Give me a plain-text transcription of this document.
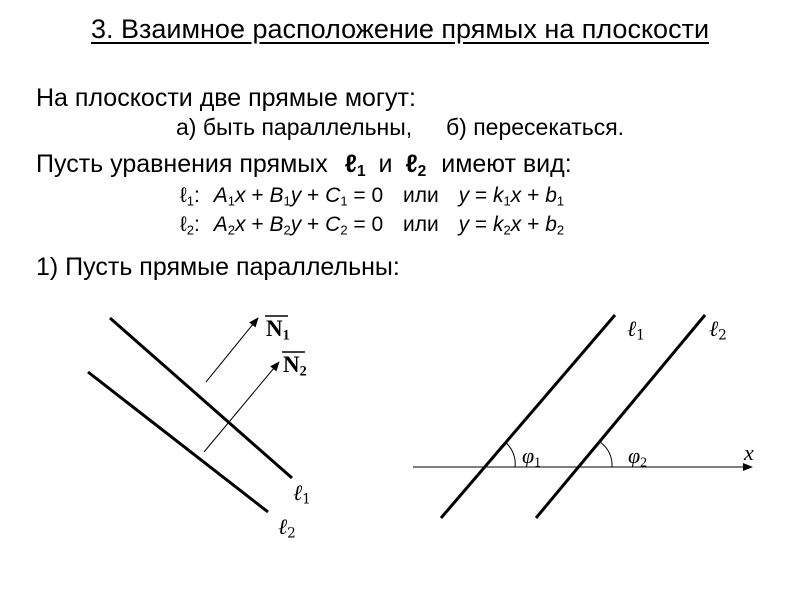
3. Взаимное расположение прямых на плоскости
На плоскости две прямые могут:
а) быть параллельны, б) пересекаться.
Пусть уравнения прямых ℓ$_1$ и ℓ$_2$ имеют вид:
ℓ$_1$: $A_1x + B_1y + C_1 = 0$ или $y = k_1x + b_1$
ℓ$_2$: $A_2x + B_2y + C_2 = 0$ или $y = k_2x + b_2$
1) Пусть прямые параллельны:
$N_1$
$N_2$
ℓ$_1$
ℓ$_2$
ℓ$_1$	ℓ$_2$
$\varphi_1$	$\varphi_2$	x
